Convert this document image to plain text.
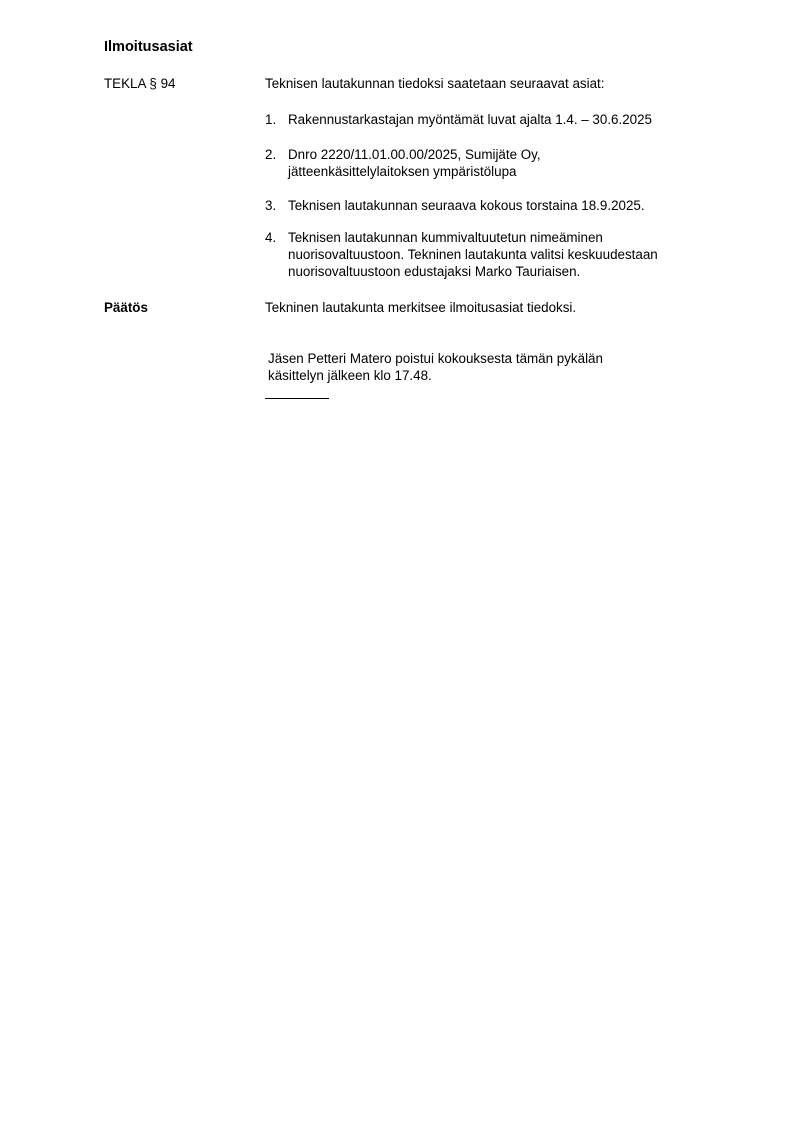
Ilmoitusasiat
TEKLA § 94	Teknisen lautakunnan tiedoksi saatetaan seuraavat asiat:
1. Rakennustarkastajan myöntämät luvat ajalta 1.4. – 30.6.2025
2. Dnro 2220/11.01.00.00/2025, Sumijäte Oy,
jätteenkäsittelylaitoksen ympäristölupa
3. Teknisen lautakunnan seuraava kokous torstaina 18.9.2025.
4. Teknisen lautakunnan kummivaltuutetun nimeäminen
nuorisovaltuustoon. Tekninen lautakunta valitsi keskuudestaan
nuorisovaltuustoon edustajaksi Marko Tauriaisen.
Päätös	Tekninen lautakunta merkitsee ilmoitusasiat tiedoksi.
Jäsen Petteri Matero poistui kokouksesta tämän pykälän
käsittelyn jälkeen klo 17.48.
